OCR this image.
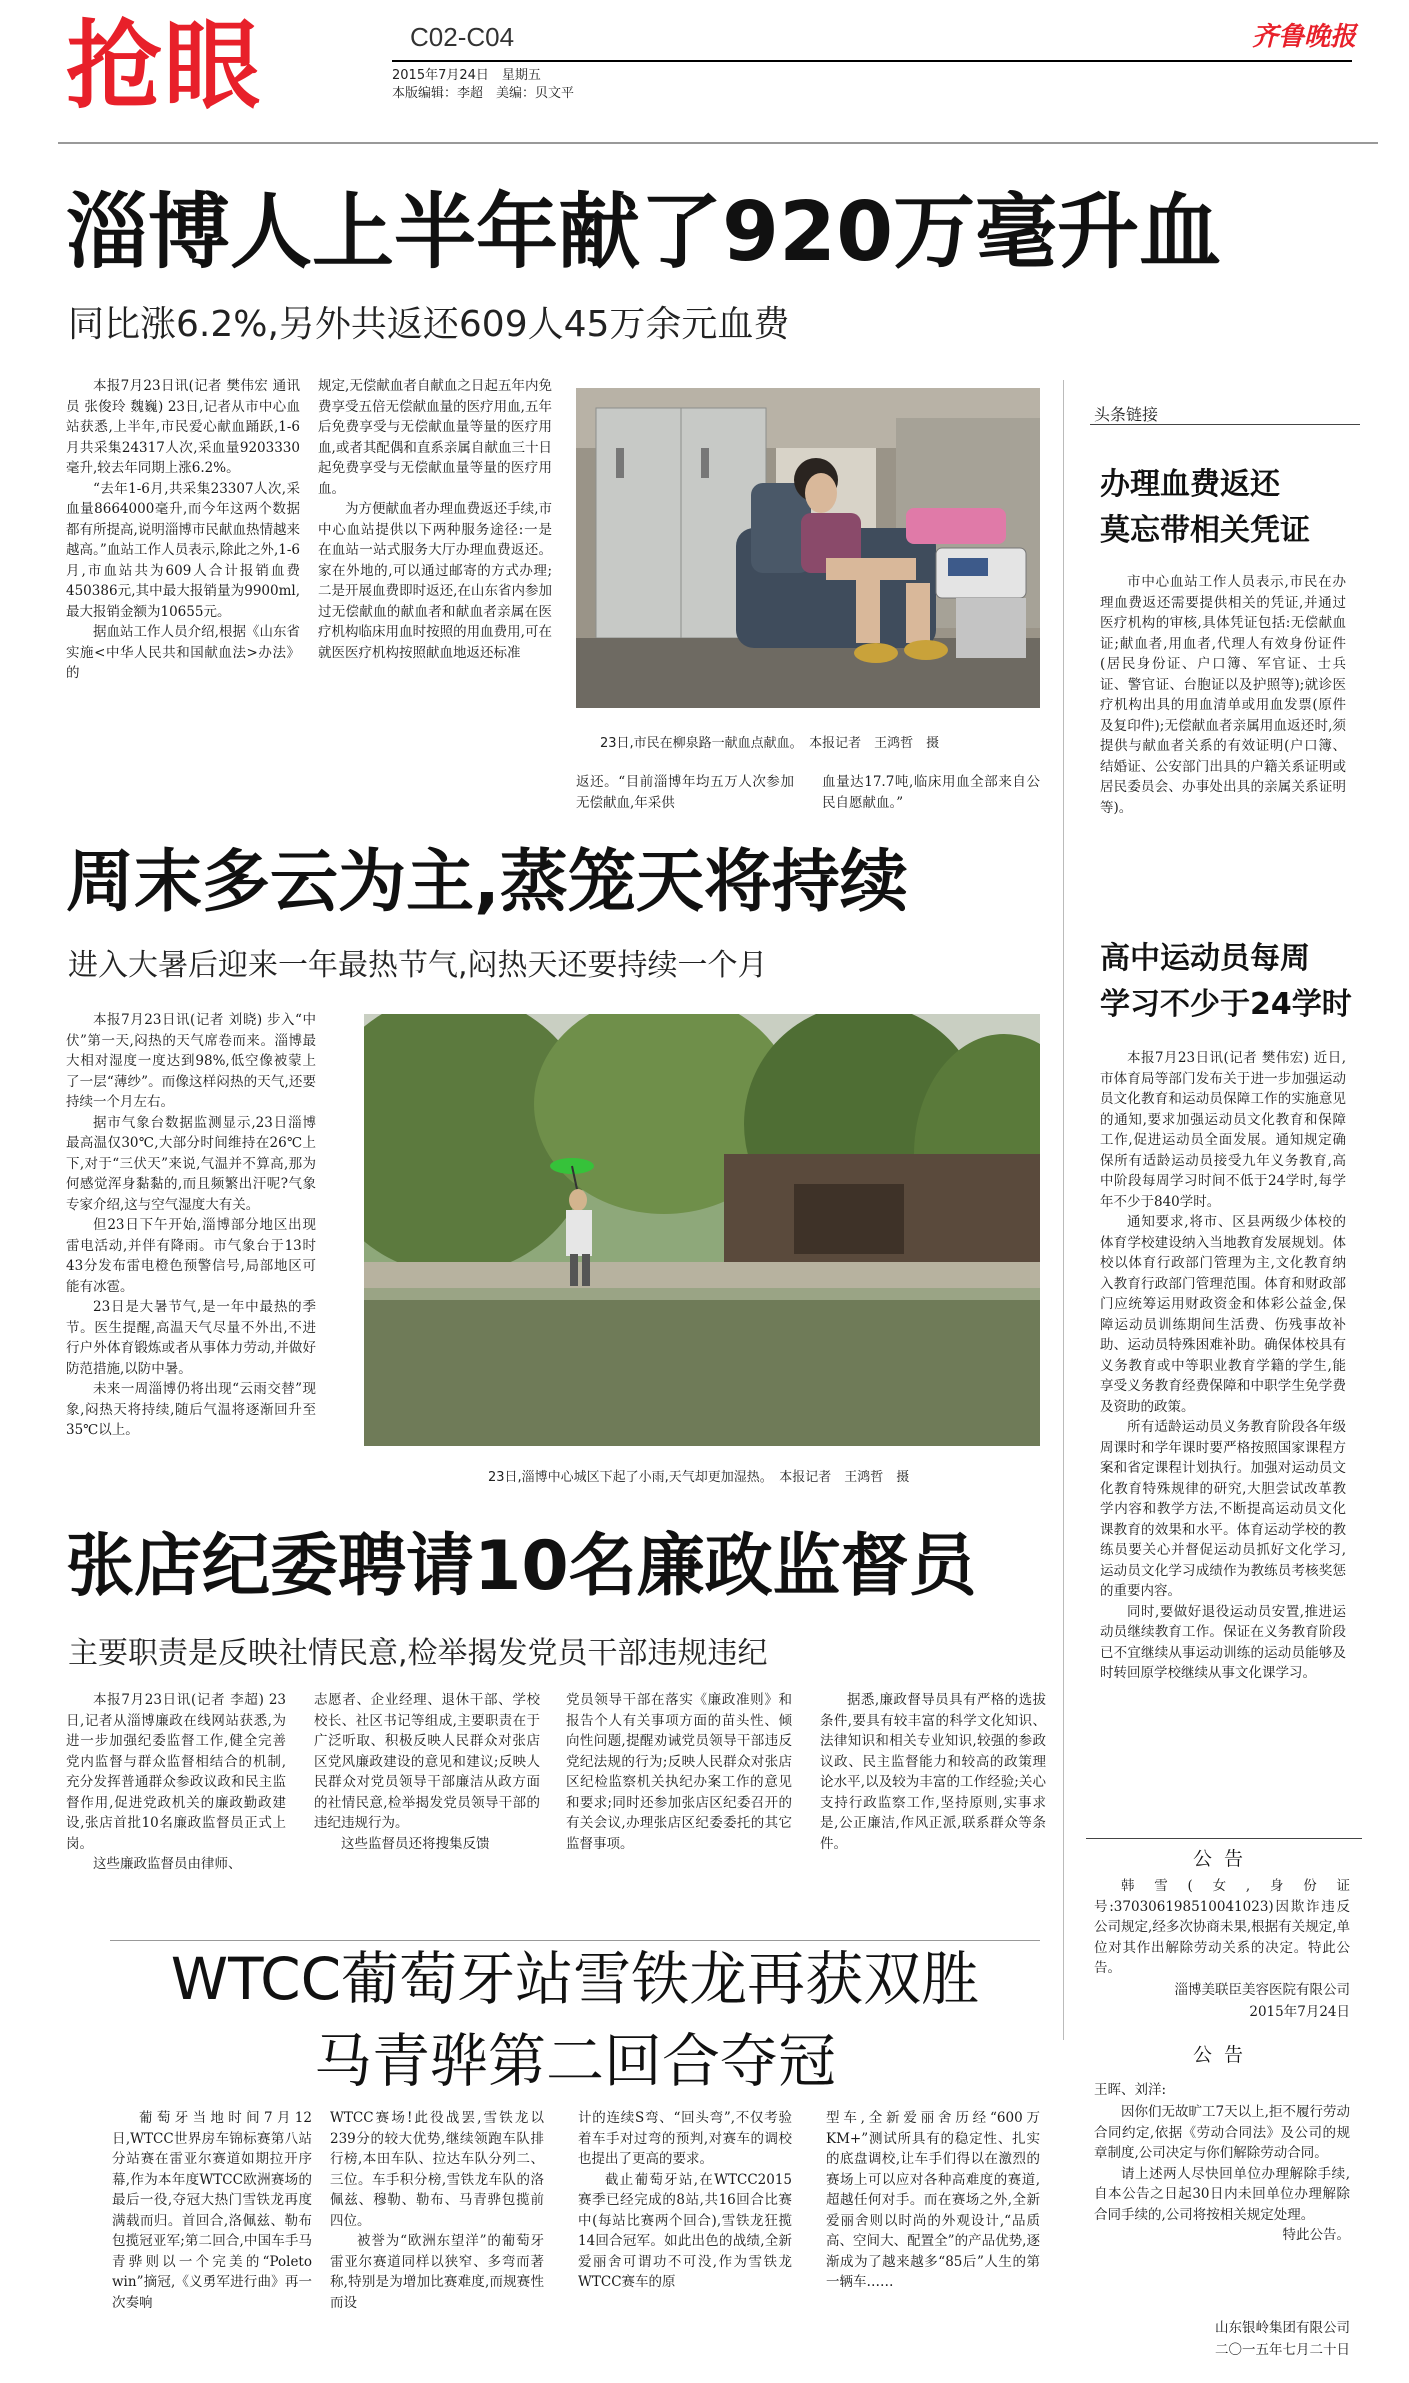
抢眼	C02-C04
2015年7月24日　星期五
本版编辑：李超　美编：贝文平
齐鲁晚报
淄博人上半年献了920万毫升血
同比涨6.2%,另外共返还609人45万余元血费

本报7月23日讯(记者 樊伟宏 通讯员 张俊玲 魏巍) 23日,记者从市中心血站获悉,上半年,市民爱心献血踊跃,1-6月共采集24317人次,采血量9203330毫升,较去年同期上涨6.2%。

“去年1-6月,共采集23307人次,采血量8664000毫升,而今年这两个数据都有所提高,说明淄博市民献血热情越来越高。”血站工作人员表示,除此之外,1-6月,市血站共为609人合计报销血费450386元,其中最大报销量为9900ml,最大报销金额为10655元。

据血站工作人员介绍,根据《山东省实施<中华人民共和国献血法>办法》的

规定,无偿献血者自献血之日起五年内免费享受五倍无偿献血量的医疗用血,五年后免费享受与无偿献血量等量的医疗用血,或者其配偶和直系亲属自献血三十日起免费享受与无偿献血量等量的医疗用血。

为方便献血者办理血费返还手续,市中心血站提供以下两种服务途径:一是在血站一站式服务大厅办理血费返还。家在外地的,可以通过邮寄的方式办理;二是开展血费即时返还,在山东省内参加过无偿献血的献血者和献血者亲属在医疗机构临床用血时按照的用血费用,可在就医医疗机构按照献血地返还标准

23日,市民在柳泉路一献血点献血。　本报记者　王鸿哲　摄

返还。“目前淄博年均五万人次参加无偿献血,年采供

血量达17.7吨,临床用血全部来自公民自愿献血。”

头条链接
办理血费返还
莫忘带相关凭证

市中心血站工作人员表示,市民在办理血费返还需要提供相关的凭证,并通过医疗机构的审核,具体凭证包括:无偿献血证;献血者,用血者,代理人有效身份证件(居民身份证、户口簿、军官证、士兵证、警官证、台胞证以及护照等);就诊医疗机构出具的用血清单或用血发票(原件及复印件);无偿献血者亲属用血返还时,须提供与献血者关系的有效证明(户口簿、结婚证、公安部门出具的户籍关系证明或居民委员会、办事处出具的亲属关系证明等)。

高中运动员每周
学习不少于24学时

本报7月23日讯(记者 樊伟宏) 近日,市体育局等部门发布关于进一步加强运动员文化教育和运动员保障工作的实施意见的通知,要求加强运动员文化教育和保障工作,促进运动员全面发展。通知规定确保所有适龄运动员接受九年义务教育,高中阶段每周学习时间不低于24学时,每学年不少于840学时。

通知要求,将市、区县两级少体校的体育学校建设纳入当地教育发展规划。体校以体育行政部门管理为主,文化教育纳入教育行政部门管理范围。体育和财政部门应统筹运用财政资金和体彩公益金,保障运动员训练期间生活费、伤残事故补助、运动员特殊困难补助。确保体校具有义务教育或中等职业教育学籍的学生,能享受义务教育经费保障和中职学生免学费及资助的政策。

所有适龄运动员义务教育阶段各年级周课时和学年课时要严格按照国家课程方案和省定课程计划执行。加强对运动员文化教育特殊规律的研究,大胆尝试改革教学内容和教学方法,不断提高运动员文化课教育的效果和水平。体育运动学校的教练员要关心并督促运动员抓好文化学习,运动员文化学习成绩作为教练员考核奖惩的重要内容。

同时,要做好退役运动员安置,推进运动员继续教育工作。保证在义务教育阶段已不宜继续从事运动训练的运动员能够及时转回原学校继续从事文化课学习。

周末多云为主,蒸笼天将持续
进入大暑后迎来一年最热节气,闷热天还要持续一个月

本报7月23日讯(记者 刘晓) 步入“中伏”第一天,闷热的天气席卷而来。淄博最大相对湿度一度达到98%,低空像被蒙上了一层“薄纱”。而像这样闷热的天气,还要持续一个月左右。

据市气象台数据监测显示,23日淄博最高温仅30℃,大部分时间维持在26℃上下,对于“三伏天”来说,气温并不算高,那为何感觉浑身黏黏的,而且频繁出汗呢?气象专家介绍,这与空气湿度大有关。

但23日下午开始,淄博部分地区出现雷电活动,并伴有降雨。市气象台于13时43分发布雷电橙色预警信号,局部地区可能有冰雹。

23日是大暑节气,是一年中最热的季节。医生提醒,高温天气尽量不外出,不进行户外体育锻炼或者从事体力劳动,并做好防范措施,以防中暑。

未来一周淄博仍将出现“云雨交替”现象,闷热天将持续,随后气温将逐渐回升至35℃以上。

23日,淄博中心城区下起了小雨,天气却更加湿热。　本报记者　王鸿哲　摄
张店纪委聘请10名廉政监督员
主要职责是反映社情民意,检举揭发党员干部违规违纪

本报7月23日讯(记者 李超) 23日,记者从淄博廉政在线网站获悉,为进一步加强纪委监督工作,健全完善党内监督与群众监督相结合的机制,充分发挥普通群众参政议政和民主监督作用,促进党政机关的廉政勤政建设,张店首批10名廉政监督员正式上岗。

这些廉政监督员由律师、

志愿者、企业经理、退休干部、学校校长、社区书记等组成,主要职责在于广泛听取、积极反映人民群众对张店区党风廉政建设的意见和建议;反映人民群众对党员领导干部廉洁从政方面的社情民意,检举揭发党员领导干部的违纪违规行为。

这些监督员还将搜集反馈

党员领导干部在落实《廉政准则》和报告个人有关事项方面的苗头性、倾向性问题,提醒劝诫党员领导干部违反党纪法规的行为;反映人民群众对张店区纪检监察机关执纪办案工作的意见和要求;同时还参加张店区纪委召开的有关会议,办理张店区纪委委托的其它监督事项。

据悉,廉政督导员具有严格的选拔条件,要具有较丰富的科学文化知识、法律知识和相关专业知识,较强的参政议政、民主监督能力和较高的政策理论水平,以及较为丰富的工作经验;关心支持行政监察工作,坚持原则,实事求是,公正廉洁,作风正派,联系群众等条件。

WTCC葡萄牙站雪铁龙再获双胜
马青骅第二回合夺冠

葡萄牙当地时间7月12日,WTCC世界房车锦标赛第八站分站赛在雷亚尔赛道如期拉开序幕,作为本年度WTCC欧洲赛场的最后一役,夺冠大热门雪铁龙再度满载而归。首回合,洛佩兹、勒布包揽冠亚军;第二回合,中国车手马青骅则以一个完美的“Poleto win”摘冠,《义勇军进行曲》再一次奏响

WTCC赛场!此役战罢,雪铁龙以239分的较大优势,继续领跑车队排行榜,本田车队、拉达车队分列二、三位。车手积分榜,雪铁龙车队的洛佩兹、穆勒、勒布、马青骅包揽前四位。

被誉为“欧洲东望洋”的葡萄牙雷亚尔赛道同样以狭窄、多弯而著称,特别是为增加比赛难度,而规赛性而设

计的连续S弯、“回头弯”,不仅考验着车手对过弯的预判,对赛车的调校也提出了更高的要求。

截止葡萄牙站,在WTCC2015赛季已经完成的8站,共16回合比赛中(每站比赛两个回合),雪铁龙狂揽14回合冠军。如此出色的战绩,全新爱丽舍可谓功不可没,作为雪铁龙WTCC赛车的原

型车,全新爱丽舍历经“600万KM+”测试所具有的稳定性、扎实的底盘调校,让车手们得以在激烈的赛场上可以应对各种高难度的赛道,超越任何对手。而在赛场之外,全新爱丽舍则以时尚的外观设计,“品质高、空间大、配置全”的产品优势,逐渐成为了越来越多“85后”人生的第一辆车……

公告

韩雪(女,身份证号:370306198510041023)因欺诈违反公司规定,经多次协商未果,根据有关规定,单位对其作出解除劳动关系的决定。特此公告。

淄博美联臣美容医院有限公司
2015年7月24日
公告
王晖、刘洋:

因你们无故旷工7天以上,拒不履行劳动合同约定,依据《劳动合同法》及公司的规章制度,公司决定与你们解除劳动合同。

请上述两人尽快回单位办理解除手续,自本公告之日起30日内未回单位办理解除合同手续的,公司将按相关规定处理。

特此公告。

山东银岭集团有限公司
二〇一五年七月二十日
